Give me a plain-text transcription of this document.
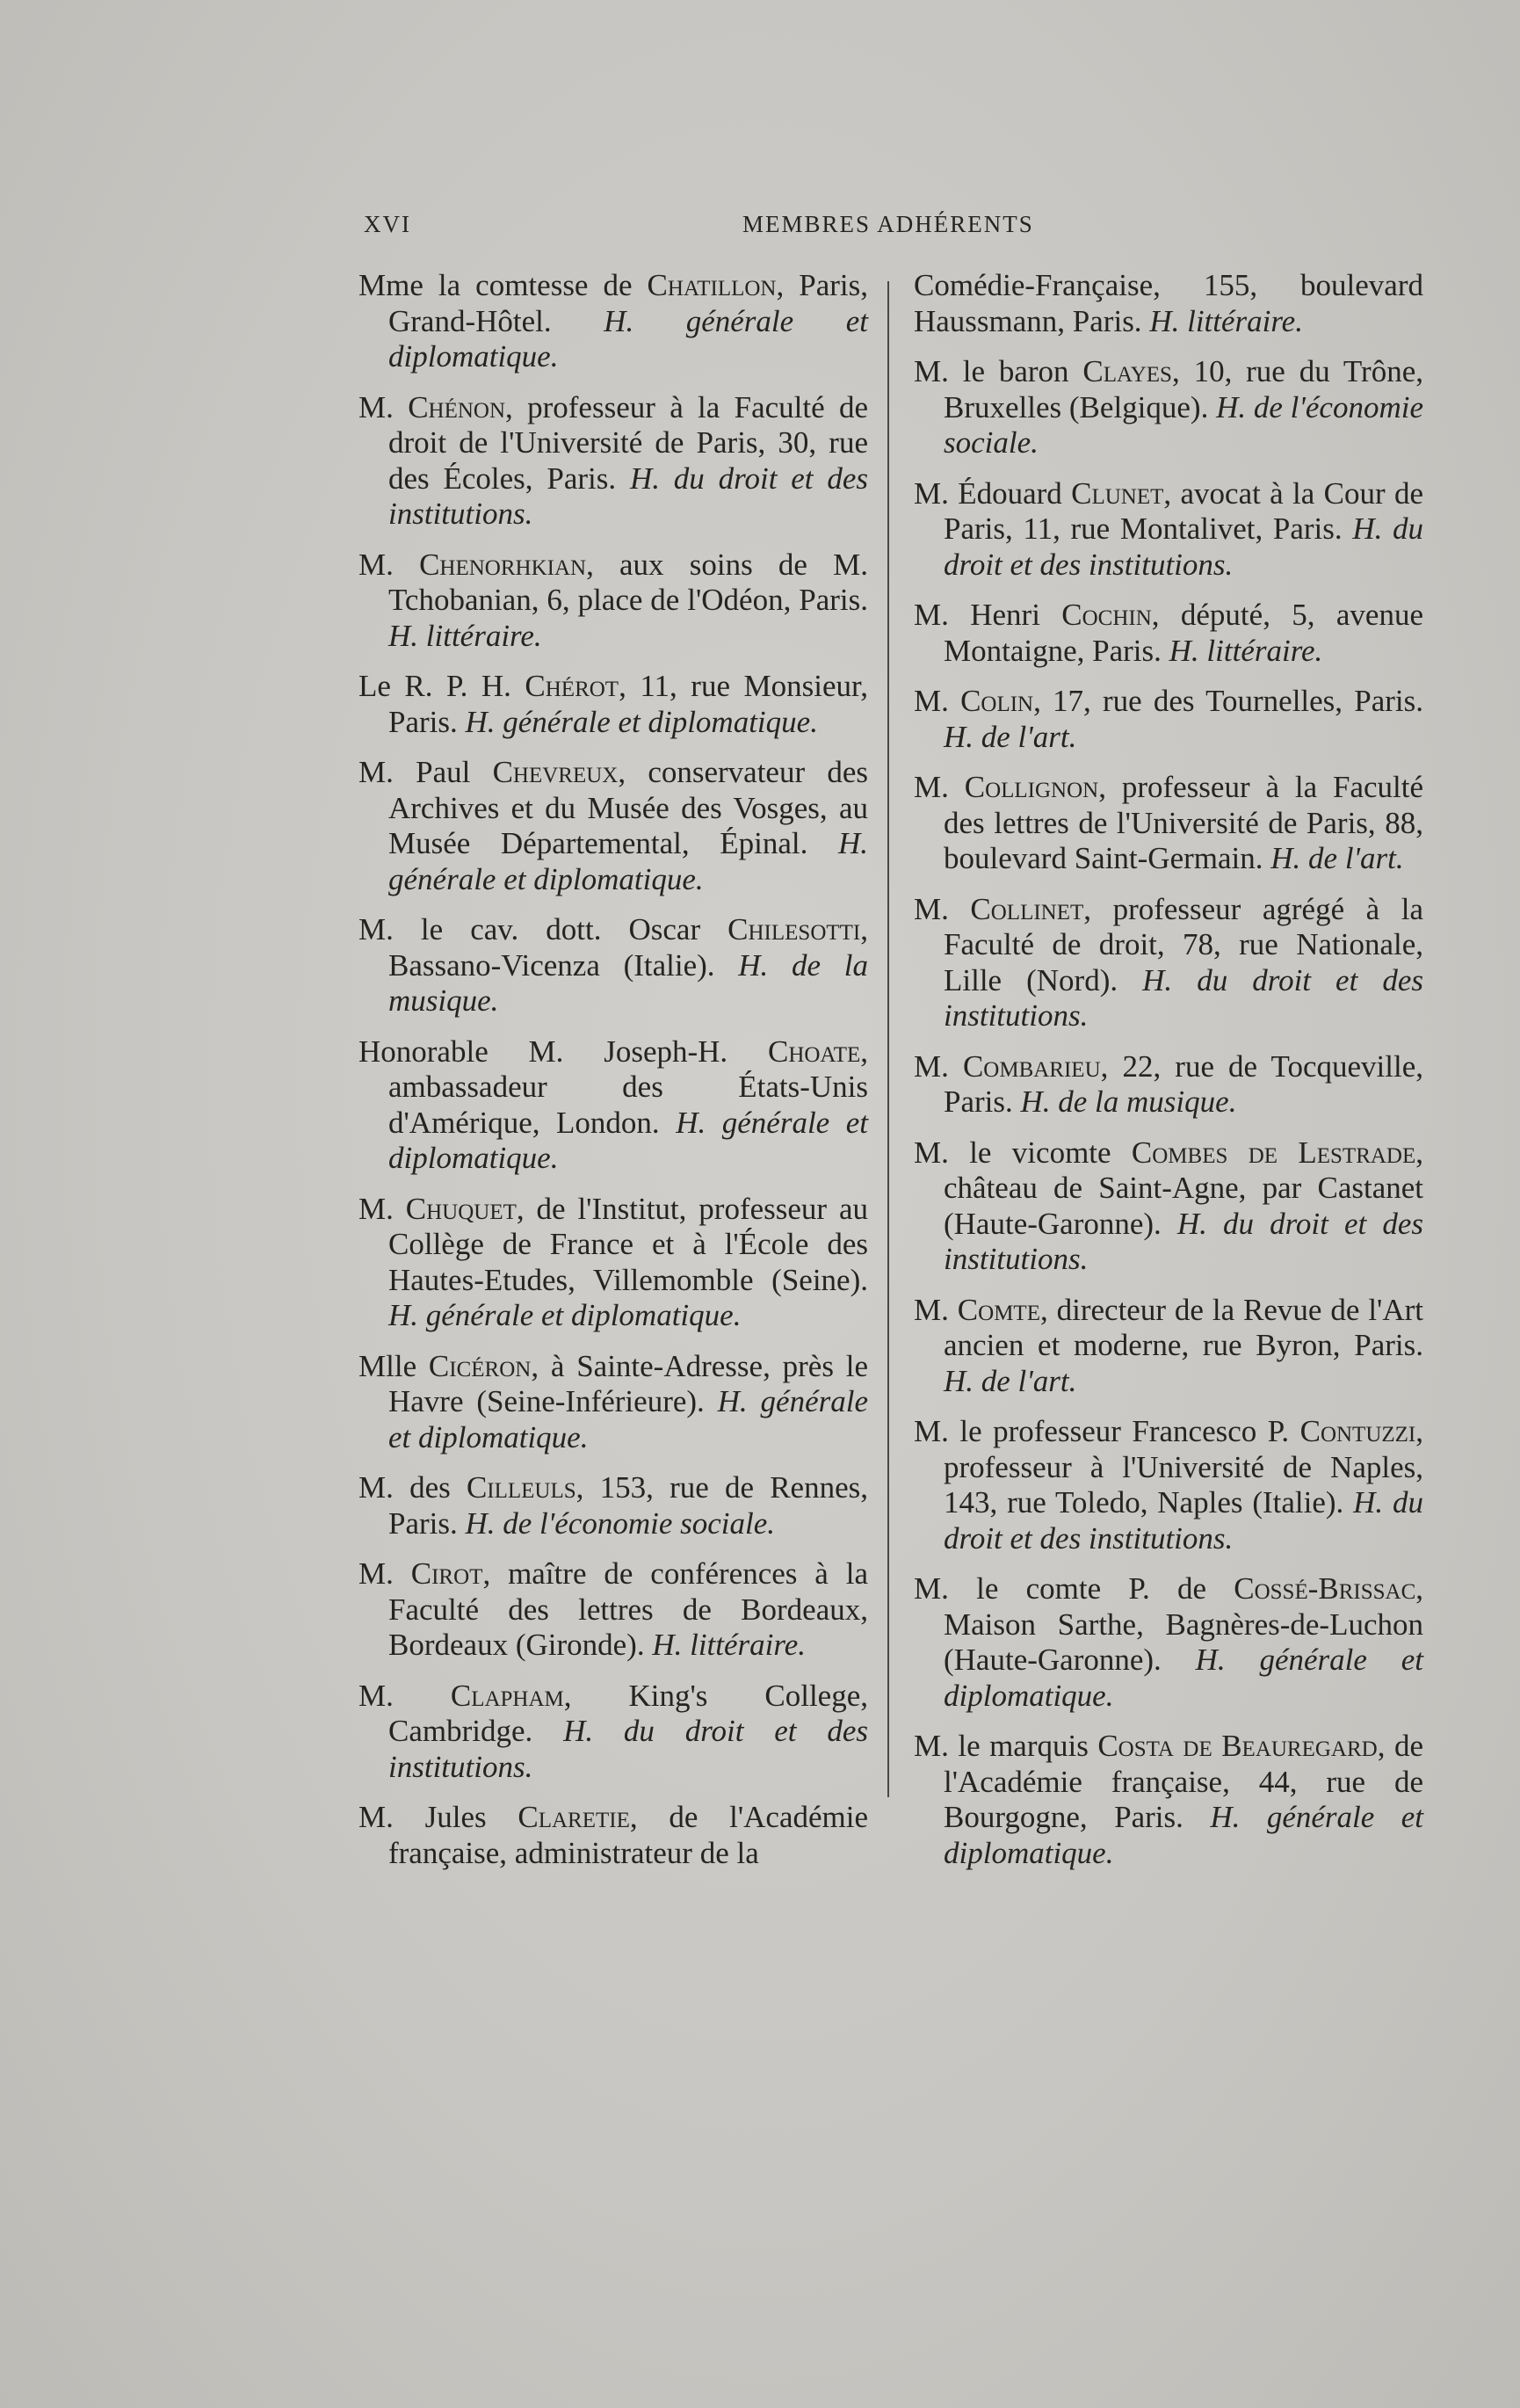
XVI	MEMBRES ADHÉRENTS

Mme la comtesse de Chatillon, Paris, Grand-Hôtel. H. générale et diplomatique.

M. Chénon, professeur à la Faculté de droit de l'Université de Paris, 30, rue des Écoles, Paris. H. du droit et des institutions.

M. Chenorhkian, aux soins de M. Tchobanian, 6, place de l'Odéon, Paris. H. littéraire.

Le R. P. H. Chérot, 11, rue Monsieur, Paris. H. générale et diplomatique.

M. Paul Chevreux, conservateur des Archives et du Musée des Vosges, au Musée Départemental, Épinal. H. générale et diplomatique.

M. le cav. dott. Oscar Chilesotti, Bassano-Vicenza (Italie). H. de la musique.

Honorable M. Joseph-H. Choate, ambassadeur des États-Unis d'Amérique, London. H. générale et diplomatique.

M. Chuquet, de l'Institut, professeur au Collège de France et à l'École des Hautes-Etudes, Villemomble (Seine). H. générale et diplomatique.

Mlle Cicéron, à Sainte-Adresse, près le Havre (Seine-Inférieure). H. générale et diplomatique.

M. des Cilleuls, 153, rue de Rennes, Paris. H. de l'économie sociale.

M. Cirot, maître de conférences à la Faculté des lettres de Bordeaux, Bordeaux (Gironde). H. littéraire.

M. Clapham, King's College, Cambridge. H. du droit et des institutions.

M. Jules Claretie, de l'Académie française, administrateur de la

Comédie-Française, 155, boulevard Haussmann, Paris. H. littéraire.

M. le baron Clayes, 10, rue du Trône, Bruxelles (Belgique). H. de l'économie sociale.

M. Édouard Clunet, avocat à la Cour de Paris, 11, rue Montalivet, Paris. H. du droit et des institutions.

M. Henri Cochin, député, 5, avenue Montaigne, Paris. H. littéraire.

M. Colin, 17, rue des Tournelles, Paris. H. de l'art.

M. Collignon, professeur à la Faculté des lettres de l'Université de Paris, 88, boulevard Saint-Germain. H. de l'art.

M. Collinet, professeur agrégé à la Faculté de droit, 78, rue Nationale, Lille (Nord). H. du droit et des institutions.

M. Combarieu, 22, rue de Tocqueville, Paris. H. de la musique.

M. le vicomte Combes de Lestrade, château de Saint-Agne, par Castanet (Haute-Garonne). H. du droit et des institutions.

M. Comte, directeur de la Revue de l'Art ancien et moderne, rue Byron, Paris. H. de l'art.

M. le professeur Francesco P. Contuzzi, professeur à l'Université de Naples, 143, rue Toledo, Naples (Italie). H. du droit et des institutions.

M. le comte P. de Cossé-Brissac, Maison Sarthe, Bagnères-de-Luchon (Haute-Garonne). H. générale et diplomatique.

M. le marquis Costa de Beauregard, de l'Académie française, 44, rue de Bourgogne, Paris. H. générale et diplomatique.
